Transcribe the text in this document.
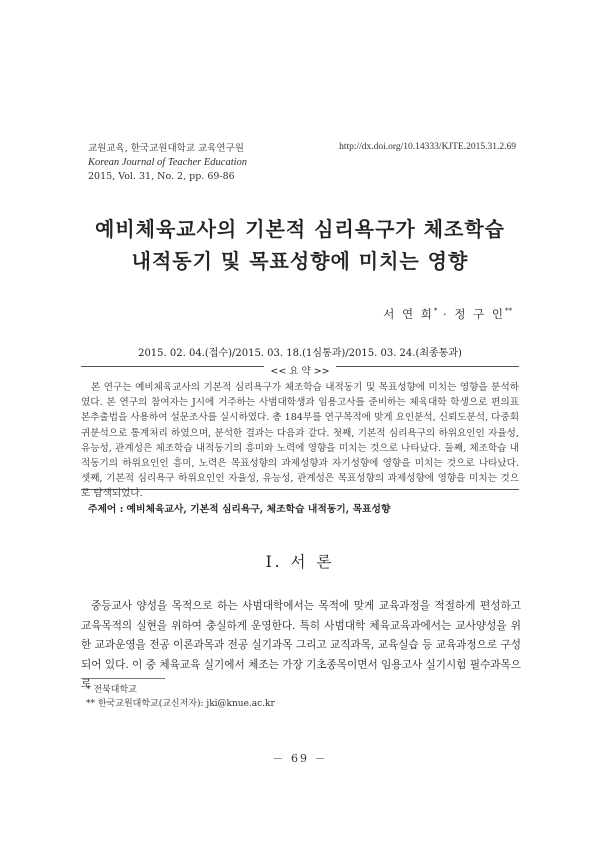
교원교육, 한국교원대학교 교육연구원
Korean Journal of Teacher Education
2015, Vol. 31, No. 2, pp. 69-86
http://dx.doi.org/10.14333/KJTE.2015.31.2.69
예비체육교사의 기본적 심리욕구가 체조학습
내적동기 및 목표성향에 미치는 영향
서 연 희* · 정 구 인**
2015. 02. 04.(접수)/2015. 03. 18.(1심통과)/2015. 03. 24.(최종통과)
<< 요 약 >>
본 연구는 예비체육교사의 기본적 심리욕구가 체조학습 내적동기 및 목표성향에 미치는 영향을 분석하였다. 본 연구의 참여자는 J시에 거주하는 사범대학생과 임용고사를 준비하는 체육대학 학생으로 편의표본추출법을 사용하여 설문조사를 실시하였다. 총 184부를 연구목적에 맞게 요인분석, 신뢰도분석, 다중회귀분석으로 통계처리 하였으며, 분석한 결과는 다음과 같다. 첫째, 기본적 심리욕구의 하위요인인 자율성, 유능성, 관계성은 체조학습 내적동기의 흥미와 노력에 영향을 미치는 것으로 나타났다. 둘째, 체조학습 내적동기의 하위요인인 흥미, 노력은 목표성향의 과제성향과 자기성향에 영향을 미치는 것으로 나타났다. 셋째, 기본적 심리욕구 하위요인인 자율성, 유능성, 관계성은 목표성향의 과제성향에 영향을 미치는 것으로 탐색되었다.
주제어 : 예비체육교사, 기본적 심리욕구, 체조학습 내적동기, 목표성향
Ⅰ. 서 론
중등교사 양성을 목적으로 하는 사범대학에서는 목적에 맞게 교육과정을 적절하게 편성하고 교육목적의 실현을 위하여 충실하게 운영한다. 특히 사범대학 체육교육과에서는 교사양성을 위한 교과운영을 전공 이론과목과 전공 실기과목 그리고 교직과목, 교육실습 등 교육과정으로 구성되어 있다. 이 중 체육교육 실기에서 체조는 가장 기초종목이면서 임용고사 실기시험 필수과목으로
* 전북대학교
** 한국교원대학교(교신저자): jki@knue.ac.kr
－ 69 －
